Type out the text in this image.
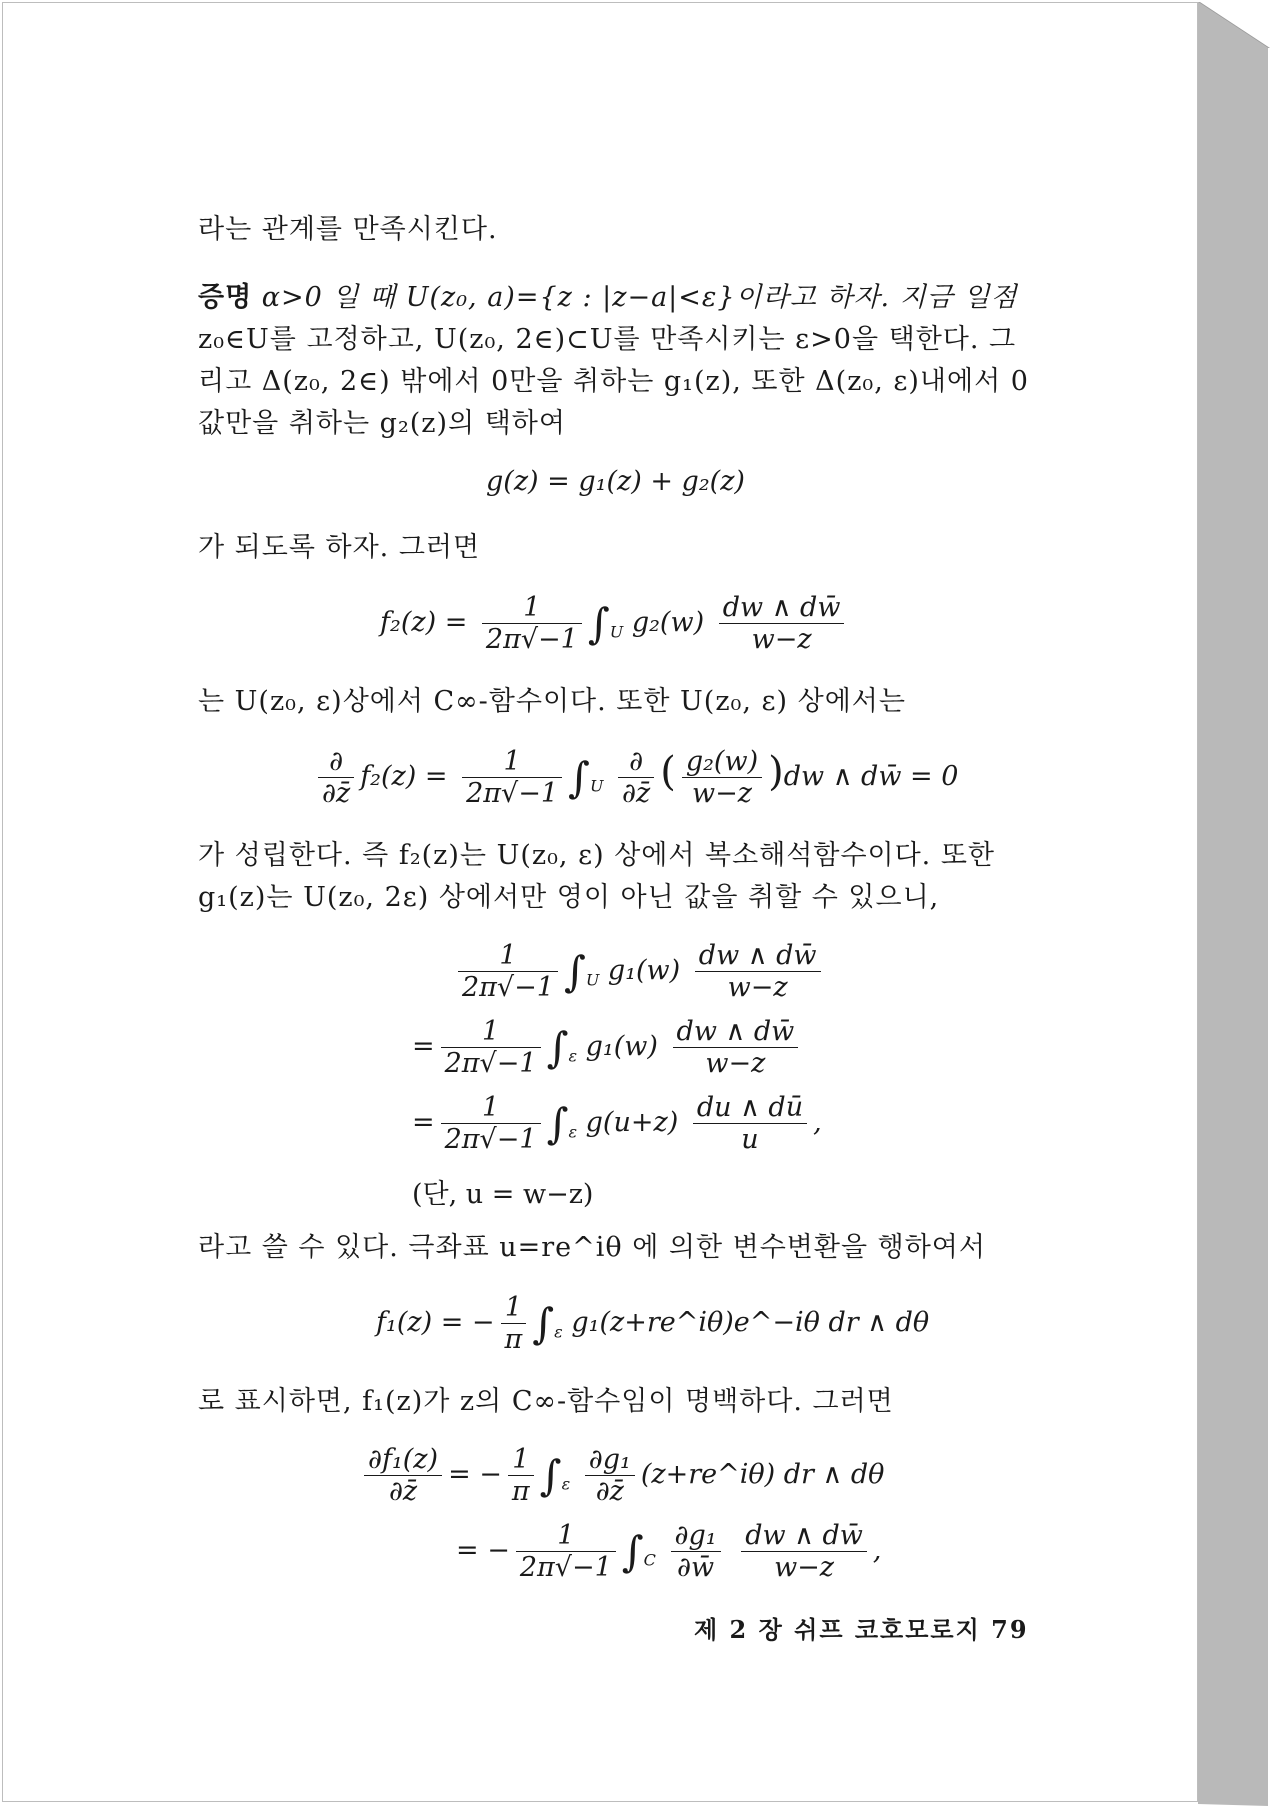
라는 관계를 만족시킨다.
증명 α>0 일 때 U(z₀, a)={z : |z−a|<ε}이라고 하자. 지금 일점
z₀∈U를 고정하고, U(z₀, 2∈)⊂U를 만족시키는 ε>0을 택한다. 그
리고 Δ(z₀, 2∈) 밖에서 0만을 취하는 g₁(z), 또한 Δ(z₀, ε)내에서 0
값만을 취하는 g₂(z)의 택하여
g(z) = g₁(z) + g₂(z)
가 되도록 하자. 그러면
$f_2(z) = \frac{1}{2\pi√-1} \int_U$ $g_2(w) \frac{dw \wedge dw̄}{w-z}$
는 U(z₀, ε)상에서 C∞-함수이다. 또한 U(z₀, ε) 상에서는
$\frac{\partial}{\partial z̄} f_2(z) = \frac{1}{2\pi√-1} \int_U \frac{\partial}{\partial z̄}$ ( $\frac{\text{g₂(w)}}{w-z} )dw$ ∧ dw̄ = 0
가 성립한다. 즉 f₂(z)는 U(z₀, ε) 상에서 복소해석함수이다. 또한
g₁(z)는 U(z₀, 2ε) 상에서만 영이 아닌 값을 취할 수 있으니,
$\frac{1}{2\pi√-1} \int_U$ $g_1(w) \frac{dw \wedge dw̄}{w-z}$
= $\frac{1}{2\pi√-1} \int_\varepsilon$ $g_1(w) \frac{dw \wedge dw̄}{w-z}$
= $\frac{1}{2\pi√-1} \int_\varepsilon$ $g(u+z) \frac{du \wedge dū}{u}$ ,
(단, u = w−z)
라고 쓸 수 있다. 극좌표 u=re^iθ 에 의한 변수변환을 행하여서
f₁(z) = − $\frac{1}{\pi} \int_\varepsilon$ g₁(z+re^iθ)e^−iθ dr ∧ dθ
로 표시하면, f₁(z)가 z의 C∞-함수임이 명백하다. 그러면
$\frac{\text{∂f₁(z)}}{\partial z̄}$ = − $\frac{1}{\pi} \int_\varepsilon \frac{\text{∂g₁}}{\partial z̄}$ (z+re^iθ) dr ∧ dθ
= − $\frac{1}{2\pi√-1} \int_C \frac{\text{∂g₁}}{\partial w̄}$
$\frac{dw \wedge dw̄}{w-z}$ ,
제 2 장 쉬프 코호모로지 79
